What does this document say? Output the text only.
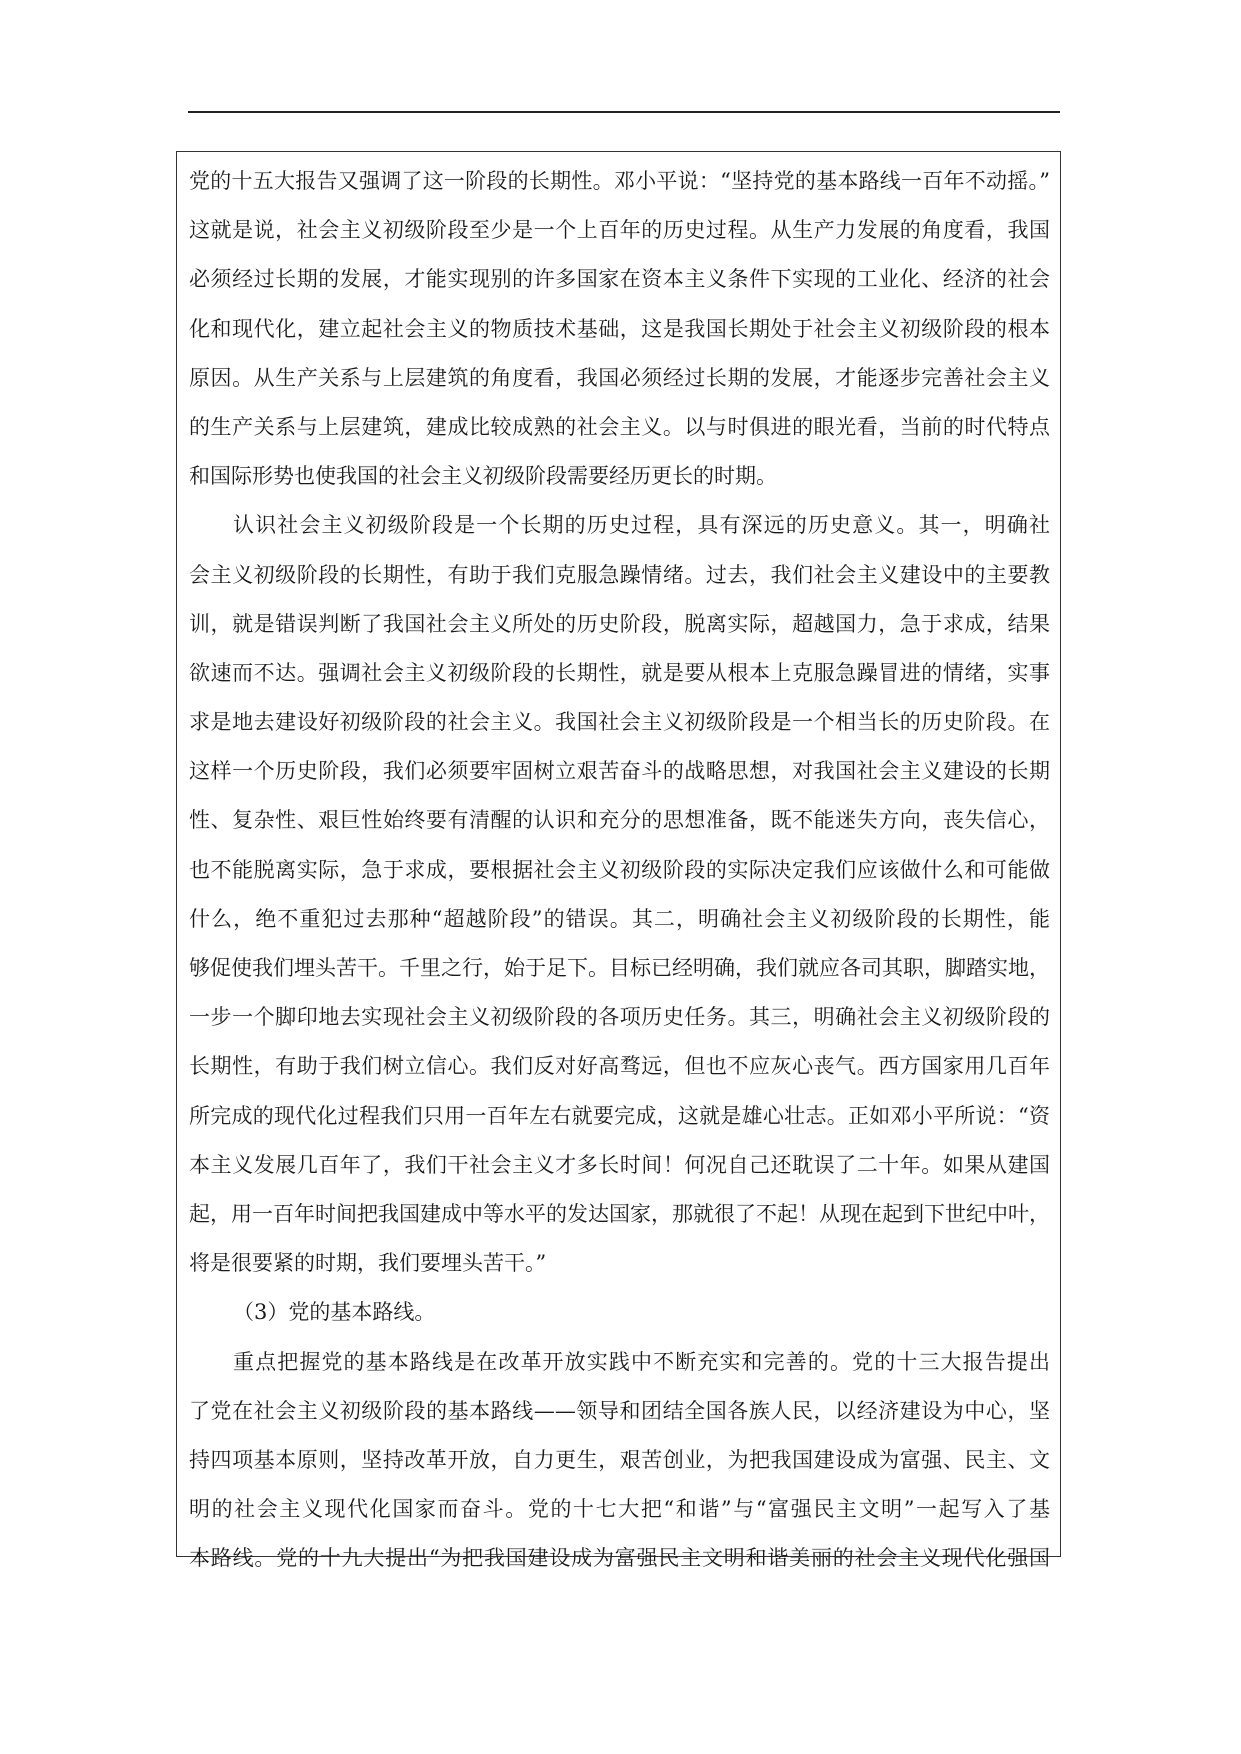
党的十五大报告又强调了这一阶段的长期性。邓小平说：“坚持党的基本路线一百年不动摇。”
这就是说，社会主义初级阶段至少是一个上百年的历史过程。从生产力发展的角度看，我国
必须经过长期的发展，才能实现别的许多国家在资本主义条件下实现的工业化、经济的社会
化和现代化，建立起社会主义的物质技术基础，这是我国长期处于社会主义初级阶段的根本
原因。从生产关系与上层建筑的角度看，我国必须经过长期的发展，才能逐步完善社会主义
的生产关系与上层建筑，建成比较成熟的社会主义。以与时俱进的眼光看，当前的时代特点
和国际形势也使我国的社会主义初级阶段需要经历更长的时期。
认识社会主义初级阶段是一个长期的历史过程，具有深远的历史意义。其一，明确社
会主义初级阶段的长期性，有助于我们克服急躁情绪。过去，我们社会主义建设中的主要教
训，就是错误判断了我国社会主义所处的历史阶段，脱离实际，超越国力，急于求成，结果
欲速而不达。强调社会主义初级阶段的长期性，就是要从根本上克服急躁冒进的情绪，实事
求是地去建设好初级阶段的社会主义。我国社会主义初级阶段是一个相当长的历史阶段。在
这样一个历史阶段，我们必须要牢固树立艰苦奋斗的战略思想，对我国社会主义建设的长期
性、复杂性、艰巨性始终要有清醒的认识和充分的思想准备，既不能迷失方向，丧失信心，
也不能脱离实际，急于求成，要根据社会主义初级阶段的实际决定我们应该做什么和可能做
什么，绝不重犯过去那种“超越阶段”的错误。其二，明确社会主义初级阶段的长期性，能
够促使我们埋头苦干。千里之行，始于足下。目标已经明确，我们就应各司其职，脚踏实地，
一步一个脚印地去实现社会主义初级阶段的各项历史任务。其三，明确社会主义初级阶段的
长期性，有助于我们树立信心。我们反对好高骛远，但也不应灰心丧气。西方国家用几百年
所完成的现代化过程我们只用一百年左右就要完成，这就是雄心壮志。正如邓小平所说：“资
本主义发展几百年了，我们干社会主义才多长时间！何况自己还耽误了二十年。如果从建国
起，用一百年时间把我国建成中等水平的发达国家，那就很了不起！从现在起到下世纪中叶，
将是很要紧的时期，我们要埋头苦干。”
（3）党的基本路线。
重点把握党的基本路线是在改革开放实践中不断充实和完善的。党的十三大报告提出
了党在社会主义初级阶段的基本路线——领导和团结全国各族人民，以经济建设为中心，坚
持四项基本原则，坚持改革开放，自力更生，艰苦创业，为把我国建设成为富强、民主、文
明的社会主义现代化国家而奋斗。党的十七大把“和谐”与“富强民主文明”一起写入了基
本路线。党的十九大提出“为把我国建设成为富强民主文明和谐美丽的社会主义现代化强国
